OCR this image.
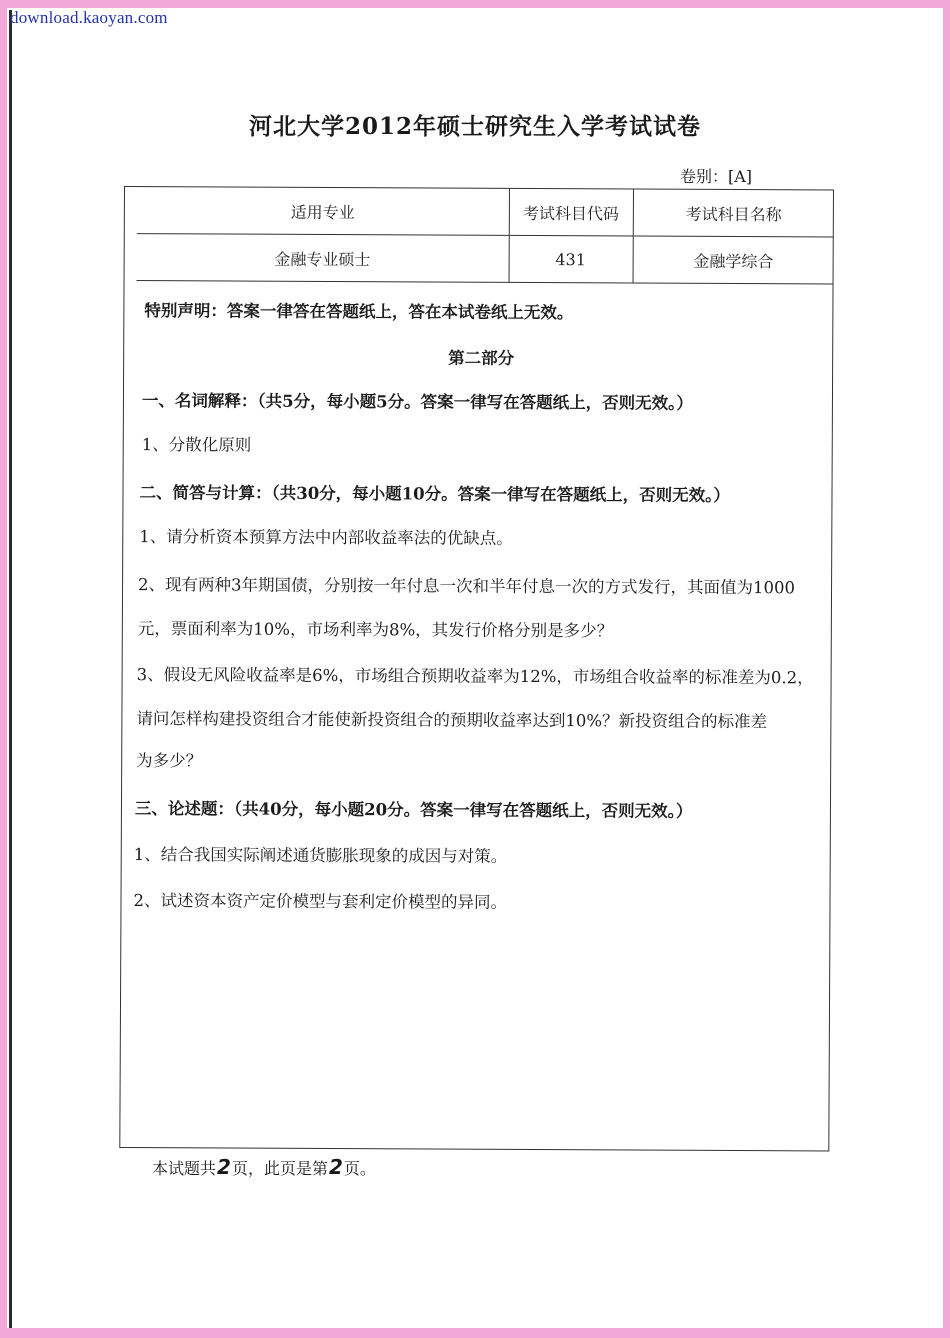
download.kaoyan.com
河北大学2012年硕士研究生入学考试试卷
卷别：[A]
适用专业	考试科目代码	考试科目名称
金融专业硕士	431	金融学综合
特别声明：答案一律答在答题纸上，答在本试卷纸上无效。
第二部分
一、名词解释：（共5分，每小题5分。答案一律写在答题纸上，否则无效。）
1、分散化原则
二、简答与计算：（共30分，每小题10分。答案一律写在答题纸上，否则无效。）
1、请分析资本预算方法中内部收益率法的优缺点。
2、现有两种3年期国债，分别按一年付息一次和半年付息一次的方式发行，其面值为1000
元，票面利率为10%，市场利率为8%，其发行价格分别是多少？
3、假设无风险收益率是6%，市场组合预期收益率为12%，市场组合收益率的标准差为0.2，
请问怎样构建投资组合才能使新投资组合的预期收益率达到10%？新投资组合的标准差
为多少？
三、论述题：（共40分，每小题20分。答案一律写在答题纸上，否则无效。）
1、结合我国实际阐述通货膨胀现象的成因与对策。
2、试述资本资产定价模型与套利定价模型的异同。
本试题共2页，此页是第2页。
